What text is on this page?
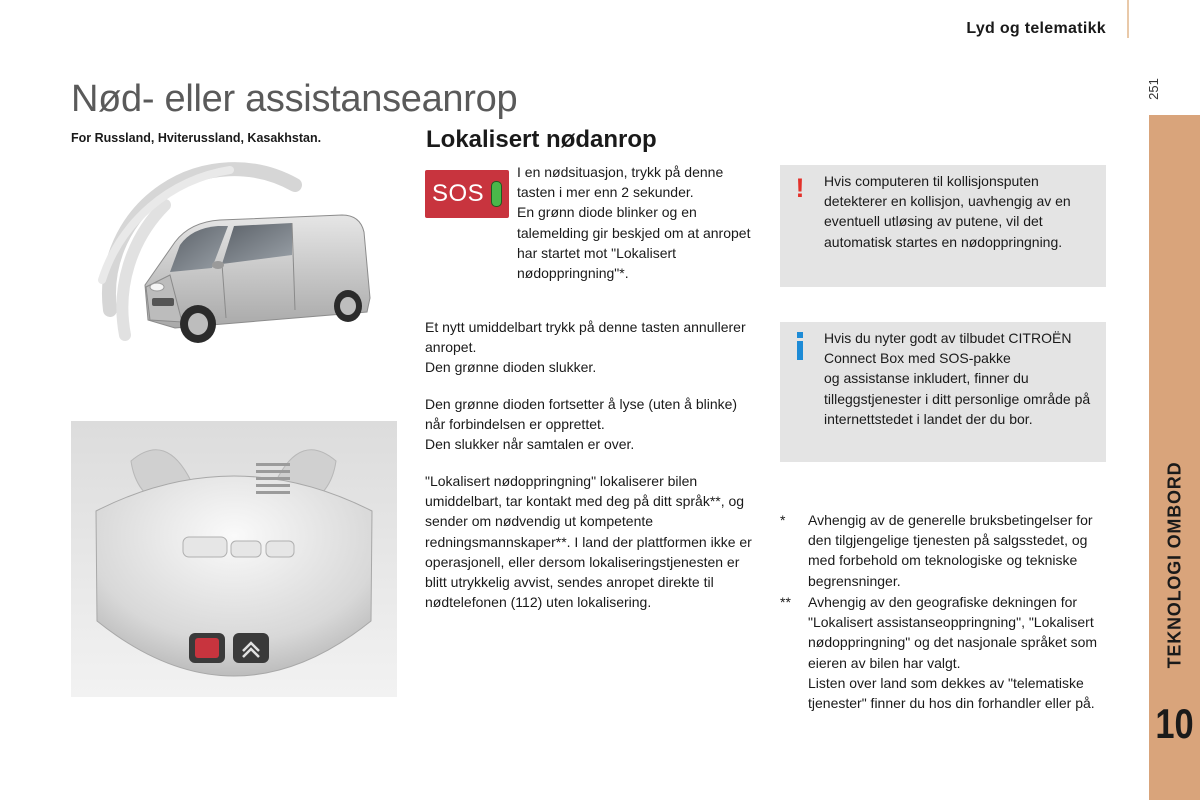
Lyd og telematikk
251
TEKNOLOGI OMBORD
10
Nød- eller assistanseanrop
For Russland, Hviterussland, Kasakhstan.	Lokalisert nødanrop
SOS
I en nødsituasjon, trykk på denne tasten i mer enn 2 sekunder.
En grønn diode blinker og en talemelding gir beskjed om at anropet har startet mot "Lokalisert nødoppringning"*.
Et nytt umiddelbart trykk på denne tasten annullerer anropet.
Den grønne dioden slukker.
Den grønne dioden fortsetter å lyse (uten å blinke) når forbindelsen er opprettet.
Den slukker når samtalen er over.
"Lokalisert nødoppringning" lokaliserer bilen umiddelbart, tar kontakt med deg på ditt språk**, og sender om nødvendig ut kompetente redningsmannskaper**. I land der plattformen ikke er operasjonell, eller dersom lokaliseringstjenesten er blitt utrykkelig avvist, sendes anropet direkte til nødtelefonen (112) uten lokalisering.
! Hvis computeren til kollisjonsputen detekterer en kollisjon, uavhengig av en eventuell utløsing av putene, vil det automatisk startes en nødoppringning.
Hvis du nyter godt av tilbudet CITROËN Connect Box med SOS-pakke
og assistanse inkludert, finner du tilleggstjenester i ditt personlige område på internettstedet i landet der du bor.
* Avhengig av de generelle bruksbetingelser for den tilgjengelige tjenesten på salgsstedet, og med forbehold om teknologiske og tekniske begrensninger.
** Avhengig av den geografiske dekningen for "Lokalisert assistanseoppringning", "Lokalisert nødoppringning" og det nasjonale språket som eieren av bilen har valgt.
Listen over land som dekkes av "telematiske tjenester" finner du hos din forhandler eller på.
